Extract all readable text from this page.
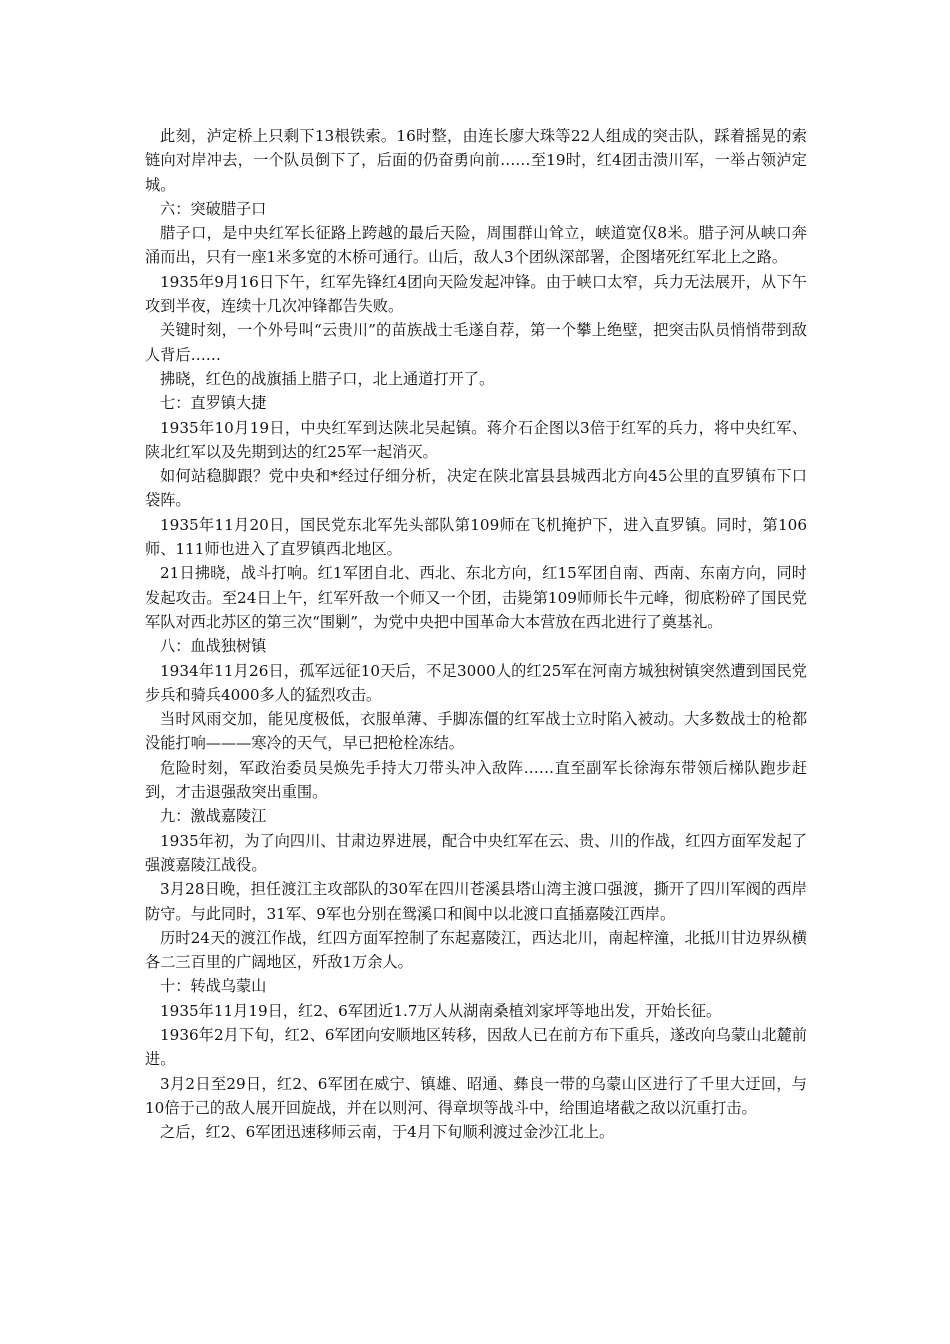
此刻，泸定桥上只剩下13根铁索。16时整，由连长廖大珠等22人组成的突击队，踩着摇晃的索链向对岸冲去，一个队员倒下了，后面的仍奋勇向前……至19时，红4团击溃川军，一举占领泸定城。

六：突破腊子口

腊子口，是中央红军长征路上跨越的最后天险，周围群山耸立，峡道宽仅8米。腊子河从峡口奔涌而出，只有一座1米多宽的木桥可通行。山后，敌人3个团纵深部署，企图堵死红军北上之路。

1935年9月16日下午，红军先锋红4团向天险发起冲锋。由于峡口太窄，兵力无法展开，从下午攻到半夜，连续十几次冲锋都告失败。

关键时刻，一个外号叫“云贵川”的苗族战士毛遂自荐，第一个攀上绝壁，把突击队员悄悄带到敌人背后……

拂晓，红色的战旗插上腊子口，北上通道打开了。

七：直罗镇大捷

1935年10月19日，中央红军到达陕北吴起镇。蒋介石企图以3倍于红军的兵力，将中央红军、陕北红军以及先期到达的红25军一起消灭。

如何站稳脚跟？党中央和*经过仔细分析，决定在陕北富县县城西北方向45公里的直罗镇布下口袋阵。

1935年11月20日，国民党东北军先头部队第109师在飞机掩护下，进入直罗镇。同时，第106师、111师也进入了直罗镇西北地区。

21日拂晓，战斗打响。红1军团自北、西北、东北方向，红15军团自南、西南、东南方向，同时发起攻击。至24日上午，红军歼敌一个师又一个团，击毙第109师师长牛元峰，彻底粉碎了国民党军队对西北苏区的第三次“围剿”，为党中央把中国革命大本营放在西北进行了奠基礼。

八：血战独树镇

1934年11月26日，孤军远征10天后，不足3000人的红25军在河南方城独树镇突然遭到国民党步兵和骑兵4000多人的猛烈攻击。

当时风雨交加，能见度极低，衣服单薄、手脚冻僵的红军战士立时陷入被动。大多数战士的枪都没能打响———寒冷的天气，早已把枪栓冻结。

危险时刻，军政治委员吴焕先手持大刀带头冲入敌阵……直至副军长徐海东带领后梯队跑步赶到，才击退强敌突出重围。

九：激战嘉陵江

1935年初，为了向四川、甘肃边界进展，配合中央红军在云、贵、川的作战，红四方面军发起了强渡嘉陵江战役。

3月28日晚，担任渡江主攻部队的30军在四川苍溪县塔山湾主渡口强渡，撕开了四川军阀的西岸防守。与此同时，31军、9军也分别在鸳溪口和阆中以北渡口直插嘉陵江西岸。

历时24天的渡江作战，红四方面军控制了东起嘉陵江，西达北川，南起梓潼，北抵川甘边界纵横各二三百里的广阔地区，歼敌1万余人。

十：转战乌蒙山

1935年11月19日，红2、6军团近1.7万人从湖南桑植刘家坪等地出发，开始长征。

1936年2月下旬，红2、6军团向安顺地区转移，因敌人已在前方布下重兵，遂改向乌蒙山北麓前进。

3月2日至29日，红2、6军团在威宁、镇雄、昭通、彝良一带的乌蒙山区进行了千里大迂回，与10倍于己的敌人展开回旋战，并在以则河、得章坝等战斗中，给围追堵截之敌以沉重打击。

之后，红2、6军团迅速移师云南，于4月下旬顺利渡过金沙江北上。
